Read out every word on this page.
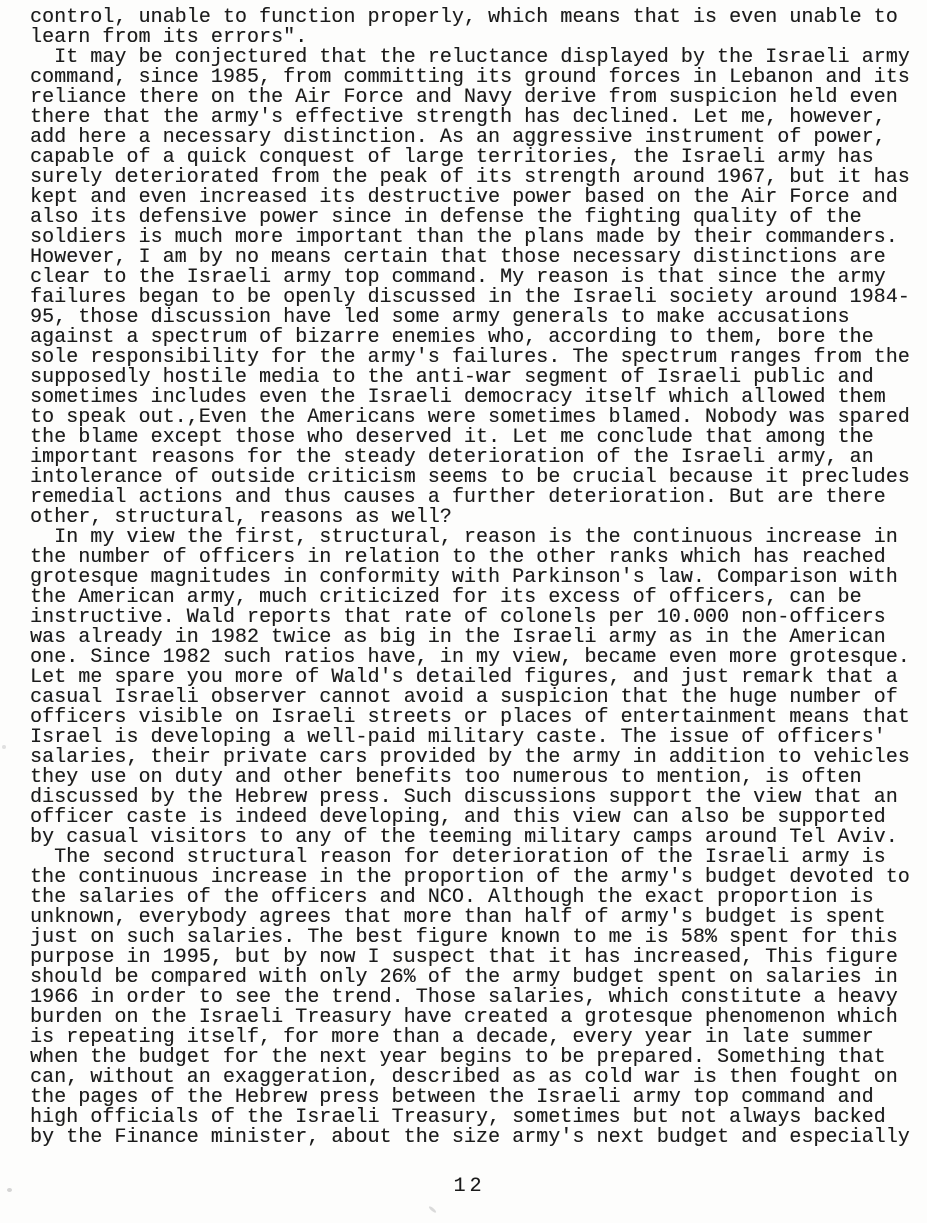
control, unable to function properly, which means that is even unable to
learn from its errors".
It may be conjectured that the reluctance displayed by the Israeli army
command, since 1985, from committing its ground forces in Lebanon and its
reliance there on the Air Force and Navy derive from suspicion held even
there that the army's effective strength has declined. Let me, however,
add here a necessary distinction. As an aggressive instrument of power,
capable of a quick conquest of large territories, the Israeli army has
surely deteriorated from the peak of its strength around 1967, but it has
kept and even increased its destructive power based on the Air Force and
also its defensive power since in defense the fighting quality of the
soldiers is much more important than the plans made by their commanders.
However, I am by no means certain that those necessary distinctions are
clear to the Israeli army top command. My reason is that since the army
failures began to be openly discussed in the Israeli society around 1984-
95, those discussion have led some army generals to make accusations
against a spectrum of bizarre enemies who, according to them, bore the
sole responsibility for the army's failures. The spectrum ranges from the
supposedly hostile media to the anti-war segment of Israeli public and
sometimes includes even the Israeli democracy itself which allowed them
to speak out.,Even the Americans were sometimes blamed. Nobody was spared
the blame except those who deserved it. Let me conclude that among the
important reasons for the steady deterioration of the Israeli army, an
intolerance of outside criticism seems to be crucial because it precludes
remedial actions and thus causes a further deterioration. But are there
other, structural, reasons as well?
In my view the first, structural, reason is the continuous increase in
the number of officers in relation to the other ranks which has reached
grotesque magnitudes in conformity with Parkinson's law. Comparison with
the American army, much criticized for its excess of officers, can be
instructive. Wald reports that rate of colonels per 10.000 non-officers
was already in 1982 twice as big in the Israeli army as in the American
one. Since 1982 such ratios have, in my view, became even more grotesque.
Let me spare you more of Wald's detailed figures, and just remark that a
casual Israeli observer cannot avoid a suspicion that the huge number of
officers visible on Israeli streets or places of entertainment means that
Israel is developing a well-paid military caste. The issue of officers'
salaries, their private cars provided by the army in addition to vehicles
they use on duty and other benefits too numerous to mention, is often
discussed by the Hebrew press. Such discussions support the view that an
officer caste is indeed developing, and this view can also be supported
by casual visitors to any of the teeming military camps around Tel Aviv.
The second structural reason for deterioration of the Israeli army is
the continuous increase in the proportion of the army's budget devoted to
the salaries of the officers and NCO. Although the exact proportion is
unknown, everybody agrees that more than half of army's budget is spent
just on such salaries. The best figure known to me is 58% spent for this
purpose in 1995, but by now I suspect that it has increased, This figure
should be compared with only 26% of the army budget spent on salaries in
1966 in order to see the trend. Those salaries, which constitute a heavy
burden on the Israeli Treasury have created a grotesque phenomenon which
is repeating itself, for more than a decade, every year in late summer
when the budget for the next year begins to be prepared. Something that
can, without an exaggeration, described as as cold war is then fought on
the pages of the Hebrew press between the Israeli army top command and
high officials of the Israeli Treasury, sometimes but not always backed
by the Finance minister, about the size army's next budget and especially
12
